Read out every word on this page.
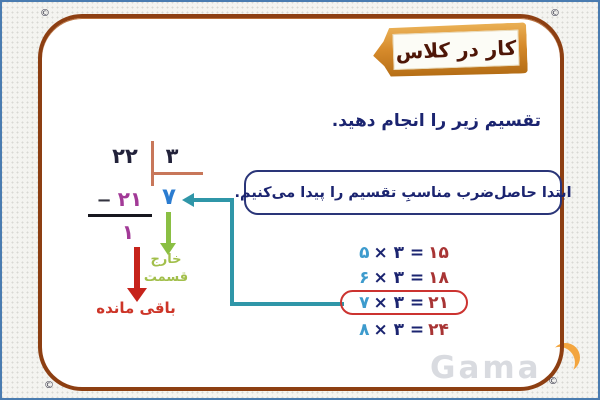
Gama
©	©
©	©
کار در کلاس
تقسیم زیر را انجام دهید.
۲۲	۳
− ۲۱ ۷
۱
خارج
قسمت
باقی مانده
ابتدا حاصل‌ضرب مناسبِ تقسیم را پیدا می‌کنیم.
۵ × ۳ = ۱۵
۶ × ۳ = ۱۸
۷ × ۳ = ۲۱
۸ × ۳ = ۲۴
